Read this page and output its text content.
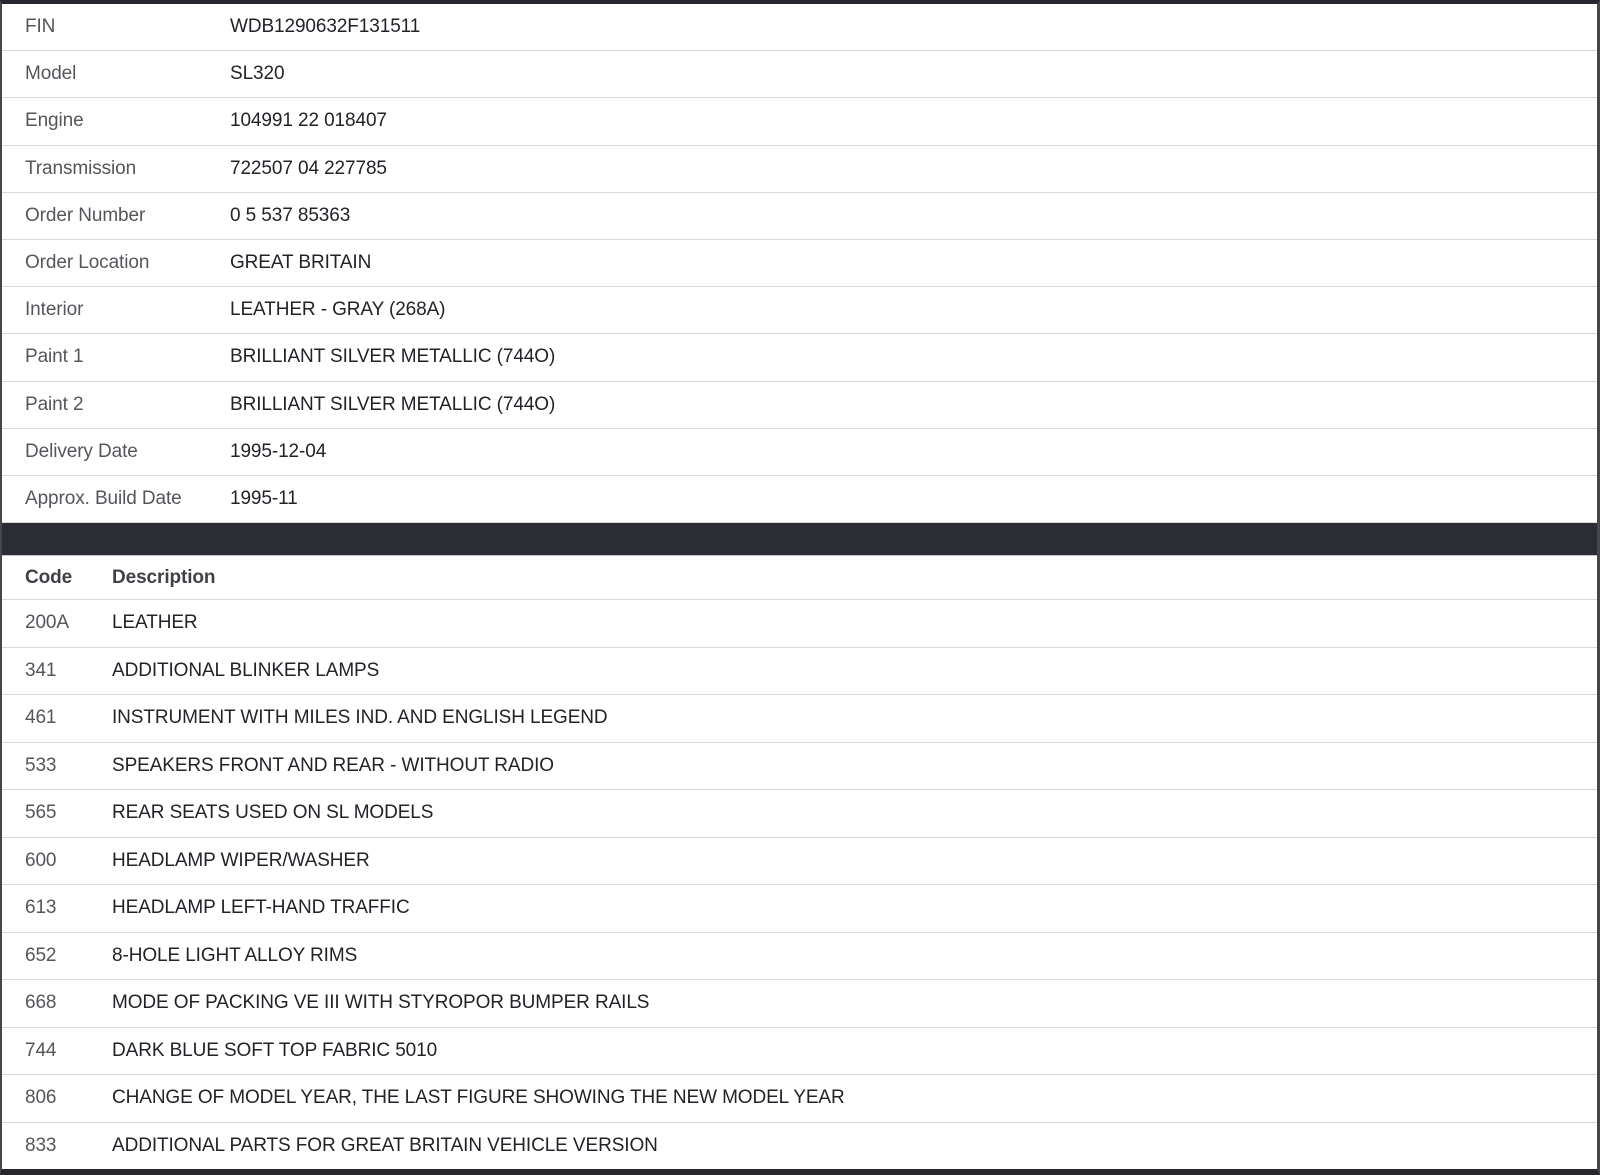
FIN	WDB1290632F131511
Model	SL320
Engine	104991 22 018407
Transmission	722507 04 227785
Order Number	0 5 537 85363
Order Location	GREAT BRITAIN
Interior	LEATHER - GRAY (268A)
Paint 1	BRILLIANT SILVER METALLIC (744O)
Paint 2	BRILLIANT SILVER METALLIC (744O)
Delivery Date	1995-12-04
Approx. Build Date	1995-11
Code	Description
200A	LEATHER
341	ADDITIONAL BLINKER LAMPS
461	INSTRUMENT WITH MILES IND. AND ENGLISH LEGEND
533	SPEAKERS FRONT AND REAR - WITHOUT RADIO
565	REAR SEATS USED ON SL MODELS
600	HEADLAMP WIPER/WASHER
613	HEADLAMP LEFT-HAND TRAFFIC
652	8-HOLE LIGHT ALLOY RIMS
668	MODE OF PACKING VE III WITH STYROPOR BUMPER RAILS
744	DARK BLUE SOFT TOP FABRIC 5010
806	CHANGE OF MODEL YEAR, THE LAST FIGURE SHOWING THE NEW MODEL YEAR
833	ADDITIONAL PARTS FOR GREAT BRITAIN VEHICLE VERSION
